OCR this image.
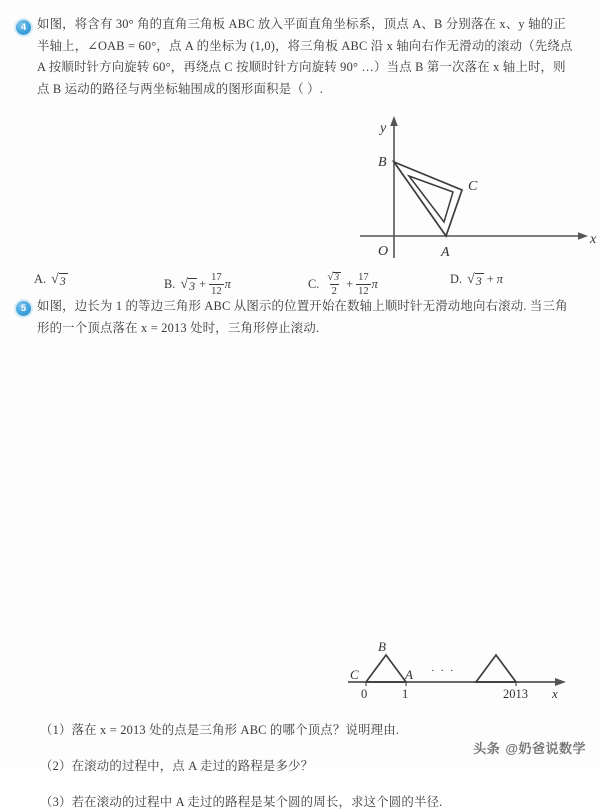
4 如图，将含有 30° 角的直角三角板 ABC 放入平面直角坐标系，顶点 A、B 分别落在 x、y 轴的正
半轴上，∠OAB = 60°，点 A 的坐标为 (1,0)，将三角板 ABC 沿 x 轴向右作无滑动的滚动（先绕点
A 按顺时针方向旋转 60°，再绕点 C 按顺时针方向旋转 90° …）当点 B 第一次落在 x 轴上时，则
点 B 运动的路径与两坐标轴围成的图形面积是（ ）.
B
A
C
O
x
y
A. √ 3	B. √ $3 + \frac{17}{12}$ π	C. $\frac{√ 3}{2} + \frac{17}{12}$ π	D. √ 3 + π
5 如图，边长为 1 的等边三角形 ABC 从图示的位置开始在数轴上顺时针无滑动地向右滚动. 当三角
形的一个顶点落在 x = 2013 处时，三角形停止滚动.
B
A
C	· · ·
0	1	2013 x
（1）落在 x = 2013 处的点是三角形 ABC 的哪个顶点？说明理由.
（2）在滚动的过程中，点 A 走过的路程是多少？
（3）若在滚动的过程中 A 走过的路程是某个圆的周长，求这个圆的半径.
头条 @奶爸说数学
